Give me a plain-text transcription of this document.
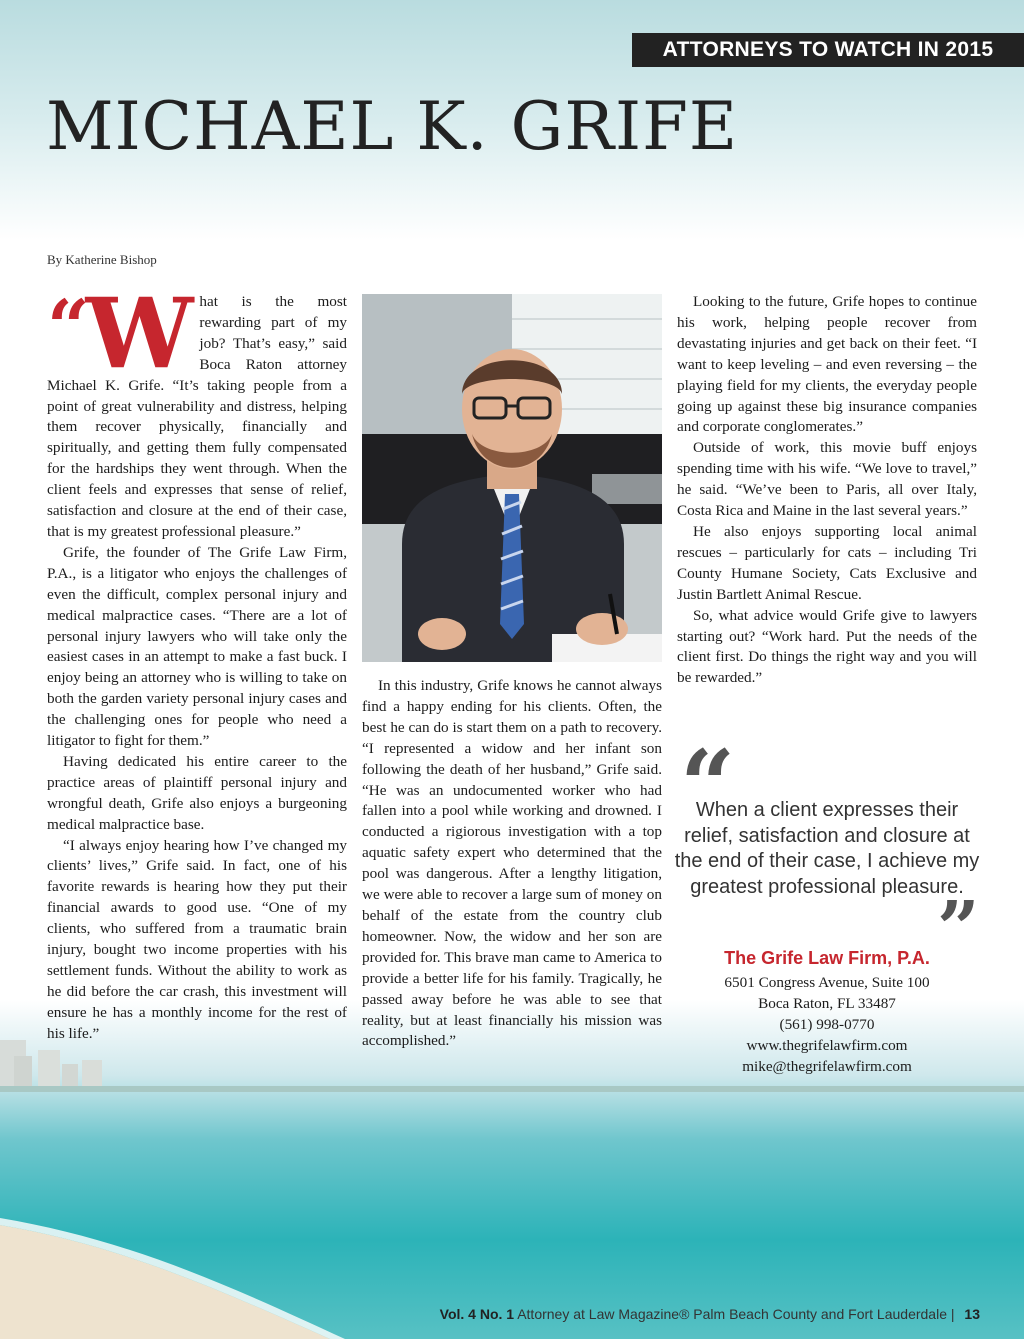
ATTORNEYS TO WATCH IN 2015
MICHAEL K. GRIFE
By Katherine Bishop

“W hat is the most rewarding part of my job? That’s easy,” said Boca Raton attorney Michael K. Grife. “It’s taking people from a point of great vulnerability and distress, helping them recover physically, financially and spiritually, and getting them fully compensated for the hardships they went through. When the client feels and expresses that sense of relief, satisfaction and closure at the end of their case, that is my greatest professional pleasure.”

Grife, the founder of The Grife Law Firm, P.A., is a litigator who enjoys the challenges of even the difficult, complex personal injury and medical malpractice cases. “There are a lot of personal injury lawyers who will take only the easiest cases in an attempt to make a fast buck. I enjoy being an attorney who is willing to take on both the garden variety personal injury cases and the challenging ones for people who need a litigator to fight for them.”

Having dedicated his entire career to the practice areas of plaintiff personal injury and wrongful death, Grife also enjoys a burgeoning medical malpractice base.

“I always enjoy hearing how I’ve changed my clients’ lives,” Grife said. In fact, one of his favorite rewards is hearing how they put their financial awards to good use. “One of my clients, who suffered from a traumatic brain injury, bought two income properties with his settlement funds. Without the ability to work as he did before the car crash, this investment will ensure he has a monthly income for the rest of his life.”

In this industry, Grife knows he cannot always find a happy ending for his clients. Often, the best he can do is start them on a path to recovery. “I represented a widow and her infant son following the death of her husband,” Grife said. “He was an undocumented worker who had fallen into a pool while working and drowned. I conducted a rigiorous investigation with a top aquatic safety expert who determined that the pool was dangerous. After a lengthy litigation, we were able to recover a large sum of money on behalf of the estate from the country club homeowner. Now, the widow and her son are provided for. This brave man came to America to provide a better life for his family. Tragically, he passed away before he was able to see that reality, but at least financially his mission was accomplished.”

Looking to the future, Grife hopes to continue his work, helping people recover from devastating injuries and get back on their feet. “I want to keep leveling – and even reversing – the playing field for my clients, the everyday people going up against these big insurance companies and corporate conglomerates.”

Outside of work, this movie buff enjoys spending time with his wife. “We love to travel,” he said. “We’ve been to Paris, all over Italy, Costa Rica and Maine in the last several years.”

He also enjoys supporting local animal rescues – particularly for cats – including Tri County Humane Society, Cats Exclusive and Justin Bartlett Animal Rescue.

So, what advice would Grife give to lawyers starting out? “Work hard. Put the needs of the client first. Do things the right way and you will be rewarded.”

“
When a client expresses their relief, satisfaction and closure at the end of their case, I achieve my greatest professional pleasure.
”
The Grife Law Firm, P.A.
6501 Congress Avenue, Suite 100
Boca Raton, FL 33487
(561) 998-0770
www.thegrifelawfirm.com
mike@thegrifelawfirm.com
Vol. 4 No. 1 Attorney at Law Magazine® Palm Beach County and Fort Lauderdale | 13
